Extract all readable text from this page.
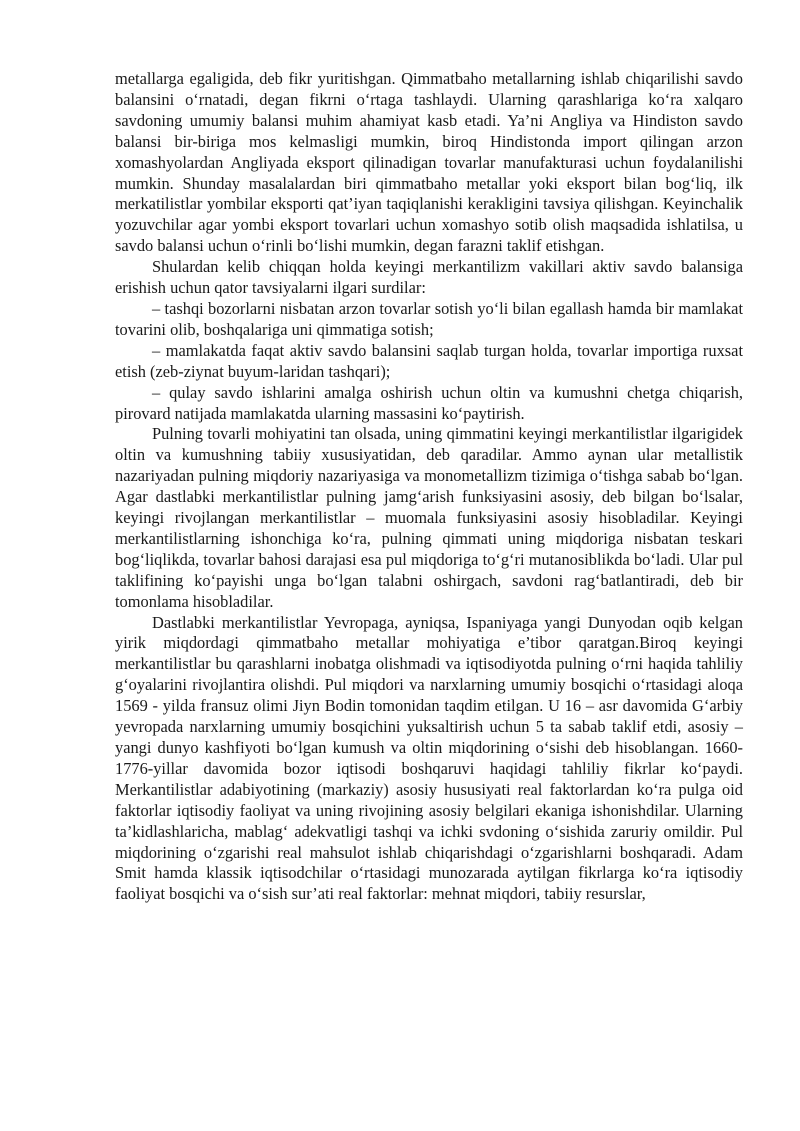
metallarga egaligida, deb fikr yuritishgan. Qimmatbaho metallarning ishlab chiqarilishi savdo balansini o‘rnatadi, degan fikrni o‘rtaga tashlaydi. Ularning qarashlariga ko‘ra xalqaro savdoning umumiy balansi muhim ahamiyat kasb etadi. Ya’ni Angliya va Hindiston savdo balansi bir-biriga mos kelmasligi mumkin, biroq Hindistonda import qilingan arzon xomashyolardan Angliyada eksport qilinadigan tovarlar manufakturasi uchun foydalanilishi mumkin. Shunday masalalardan biri qimmatbaho metallar yoki eksport bilan bog‘liq, ilk merkatilistlar yombilar eksporti qat’iyan taqiqlanishi kerakligini tavsiya qilishgan. Keyinchalik yozuvchilar agar yombi eksport tovarlari uchun xomashyo sotib olish maqsadida ishlatilsa, u savdo balansi uchun o‘rinli bo‘lishi mumkin, degan farazni taklif etishgan.

Shulardan kelib chiqqan holda keyingi merkantilizm vakillari aktiv savdo balansiga erishish uchun qator tavsiyalarni ilgari surdilar:

– tashqi bozorlarni nisbatan arzon tovarlar sotish yo‘li bilan egallash hamda bir mamlakat tovarini olib, boshqalariga uni qimmatiga sotish;

– mamlakatda faqat aktiv savdo balansini saqlab turgan holda, tovarlar importiga ruxsat etish (zeb-ziynat buyum-laridan tashqari);

– qulay savdo ishlarini amalga oshirish uchun oltin va kumushni chetga chiqarish, pirovard natijada mamlakatda ularning massasini ko‘paytirish.

Pulning tovarli mohiyatini tan olsada, uning qimmatini keyingi merkantilistlar ilgarigidek oltin va kumushning tabiiy xususiyatidan, deb qaradilar. Ammo aynan ular metallistik nazariyadan pulning miqdoriy nazariyasiga va monometallizm tizimiga o‘tishga sabab bo‘lgan. Agar dastlabki merkantilistlar pulning jamg‘arish funksiyasini asosiy, deb bilgan bo‘lsalar, keyingi rivojlangan merkantilistlar – muomala funksiyasini asosiy hisobladilar. Keyingi merkantilistlarning ishonchiga ko‘ra, pulning qimmati uning miqdoriga nisbatan teskari bog‘liqlikda, tovarlar bahosi darajasi esa pul miqdoriga to‘g‘ri mutanosiblikda bo‘ladi. Ular pul taklifining ko‘payishi unga bo‘lgan talabni oshirgach, savdoni rag‘batlantiradi, deb bir tomonlama hisobladilar.

Dastlabki merkantilistlar Yevropaga, ayniqsa, Ispaniyaga yangi Dunyodan oqib kelgan yirik miqdordagi qimmatbaho metallar mohiyatiga e’tibor qaratgan.Biroq keyingi merkantilistlar bu qarashlarni inobatga olishmadi va iqtisodiyotda pulning o‘rni haqida tahliliy g‘oyalarini rivojlantira olishdi. Pul miqdori va narxlarning umumiy bosqichi o‘rtasidagi aloqa 1569 - yilda fransuz olimi Jiyn Bodin tomonidan taqdim etilgan. U 16 – asr davomida G‘arbiy yevropada narxlarning umumiy bosqichini yuksaltirish uchun 5 ta sabab taklif etdi, asosiy – yangi dunyo kashfiyoti bo‘lgan kumush va oltin miqdorining o‘sishi deb hisoblangan. 1660-1776-yillar davomida bozor iqtisodi boshqaruvi haqidagi tahliliy fikrlar ko‘paydi. Merkantilistlar adabiyotining (markaziy) asosiy hususiyati real faktorlardan ko‘ra pulga oid faktorlar iqtisodiy faoliyat va uning rivojining asosiy belgilari ekaniga ishonishdilar. Ularning ta’kidlashlaricha, mablag‘ adekvatligi tashqi va ichki svdoning o‘sishida zaruriy omildir. Pul miqdorining o‘zgarishi real mahsulot ishlab chiqarishdagi o‘zgarishlarni boshqaradi. Adam Smit hamda klassik iqtisodchilar o‘rtasidagi munozarada aytilgan fikrlarga ko‘ra iqtisodiy faoliyat bosqichi va o‘sish sur’ati real faktorlar: mehnat miqdori, tabiiy resurslar,
